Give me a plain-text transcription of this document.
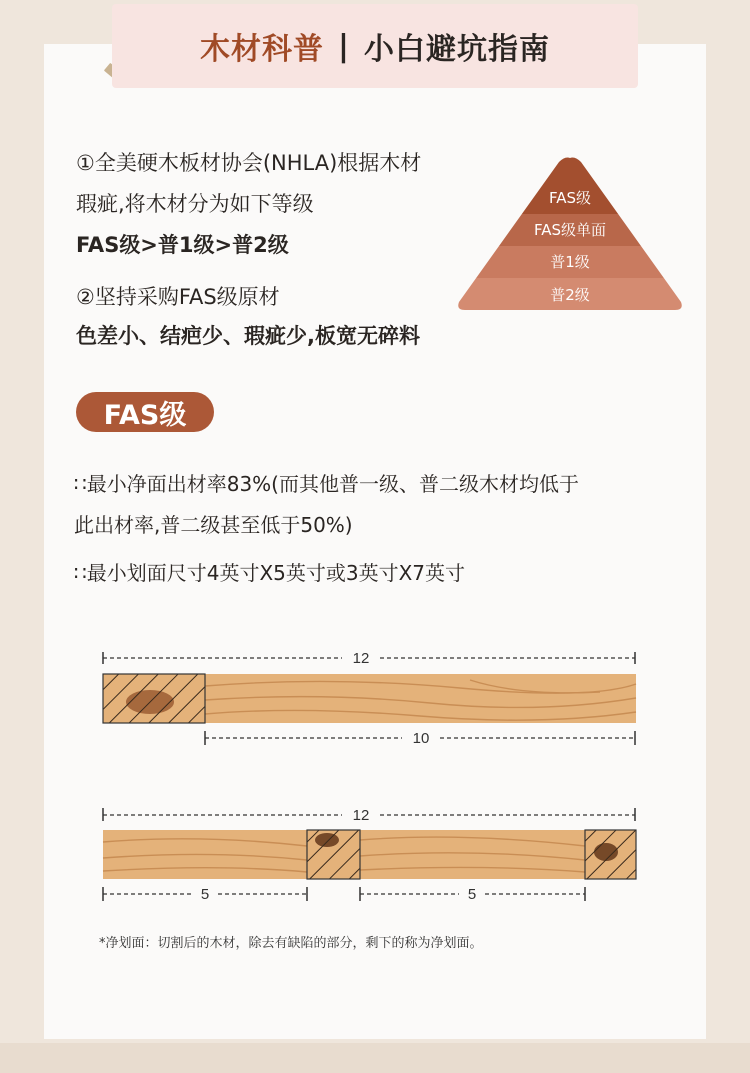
木材科普 | 小白避坑指南
①全美硬木板材协会(NHLA)根据木材
瑕疵,将木材分为如下等级
FAS级>普1级>普2级
②坚持采购FAS级原材
色差小、结疤少、瑕疵少,板宽无碎料
FAS级
FAS级单面
普1级
普2级
FAS级
∷最小净面出材率83%(而其他普一级、普二级木材均低于
此出材率,普二级甚至低于50%)
∷最小划面尺寸4英寸X5英寸或3英寸X7英寸
12
10
12
5	5
*净划面：切割后的木材，除去有缺陷的部分，剩下的称为净划面。
